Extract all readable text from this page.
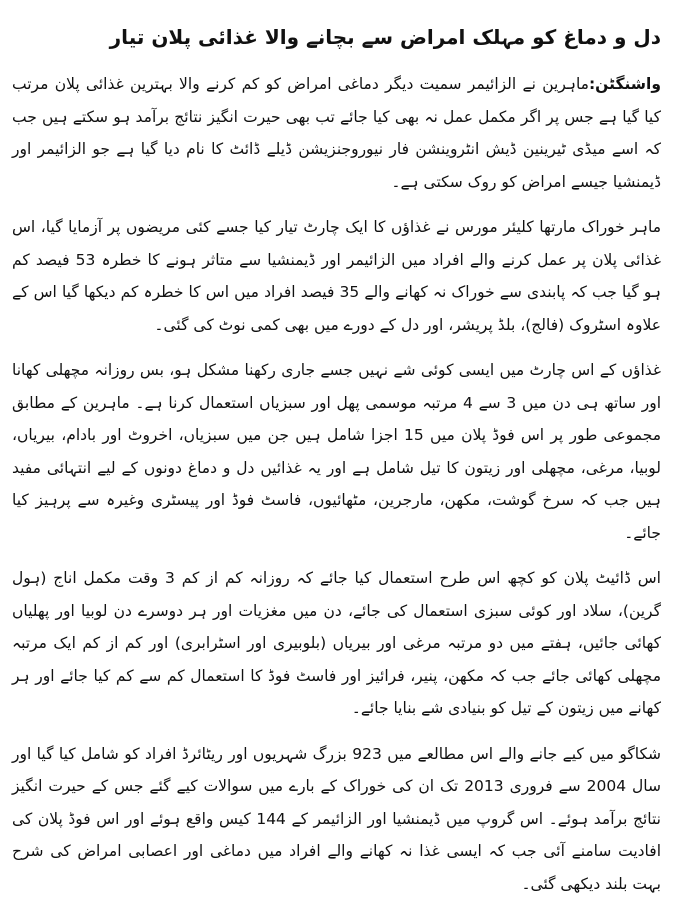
دل و دماغ کو مہلک امراض سے بچانے والا غذائی پلان تیار

واشنگٹن:ماہرین نے الزائیمر سمیت دیگر دماغی امراض کو کم کرنے والا بہترین غذائی پلان مرتب کیا گیا ہے جس پر اگر مکمل عمل نہ بھی کیا جائے تب بھی حیرت انگیز نتائج برآمد ہو سکتے ہیں جب کہ اسے میڈی ٹیرینین ڈیش انٹروینشن فار نیوروجنزیشن ڈیلے ڈائٹ کا نام دیا گیا ہے جو الزائیمر اور ڈیمنشیا جیسے امراض کو روک سکتی ہے۔

ماہر خوراک مارتھا کلیئر مورس نے غذاؤں کا ایک چارٹ تیار کیا جسے کئی مریضوں پر آزمایا گیا، اس غذائی پلان پر عمل کرنے والے افراد میں الزائیمر اور ڈیمنشیا سے متاثر ہونے کا خطرہ 53 فیصد کم ہو گیا جب کہ پابندی سے خوراک نہ کھانے والے 35 فیصد افراد میں اس کا خطرہ کم دیکھا گیا اس کے علاوہ اسٹروک (فالج)، بلڈ پریشر، اور دل کے دورے میں بھی کمی نوٹ کی گئی۔

غذاؤں کے اس چارٹ میں ایسی کوئی شے نہیں جسے جاری رکھنا مشکل ہو، بس روزانہ مچھلی کھانا اور ساتھ ہی دن میں 3 سے 4 مرتبہ موسمی پھل اور سبزیاں استعمال کرنا ہے۔ ماہرین کے مطابق مجموعی طور پر اس فوڈ پلان میں 15 اجزا شامل ہیں جن میں سبزیاں، اخروٹ اور بادام، بیریاں، لوبیا، مرغی، مچھلی اور زیتون کا تیل شامل ہے اور یہ غذائیں دل و دماغ دونوں کے لیے انتہائی مفید ہیں جب کہ سرخ گوشت، مکھن، مارجرین، مٹھائیوں، فاسٹ فوڈ اور پیسٹری وغیرہ سے پرہیز کیا جائے۔

اس ڈائیٹ پلان کو کچھ اس طرح استعمال کیا جائے کہ روزانہ کم از کم 3 وقت مکمل اناج (ہول گرین)، سلاد اور کوئی سبزی استعمال کی جائے، دن میں مغزیات اور ہر دوسرے دن لوبیا اور پھلیاں کھائی جائیں، ہفتے میں دو مرتبہ مرغی اور بیریاں (بلوبیری اور اسٹرابری) اور کم از کم ایک مرتبہ مچھلی کھائی جائے جب کہ مکھن، پنیر، فرائیز اور فاسٹ فوڈ کا استعمال کم سے کم کیا جائے اور ہر کھانے میں زیتون کے تیل کو بنیادی شے بنایا جائے۔

شکاگو میں کیے جانے والے اس مطالعے میں 923 بزرگ شہریوں اور ریٹائرڈ افراد کو شامل کیا گیا اور سال 2004 سے فروری 2013 تک ان کی خوراک کے بارے میں سوالات کیے گئے جس کے حیرت انگیز نتائج برآمد ہوئے۔ اس گروپ میں ڈیمنشیا اور الزائیمر کے 144 کیس واقع ہوئے اور اس فوڈ پلان کی افادیت سامنے آئی جب کہ ایسی غذا نہ کھانے والے افراد میں دماغی اور اعصابی امراض کی شرح بہت بلند دیکھی گئی۔
